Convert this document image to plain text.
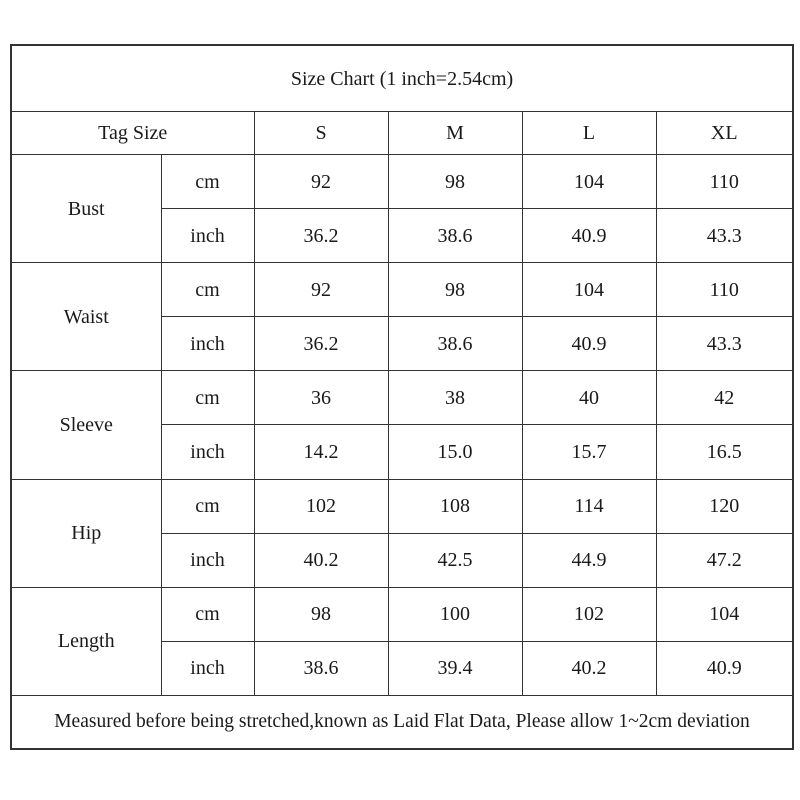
Size Chart (1 inch=2.54cm)					
Tag Size		S	M	L	XL
Bust	cm	92	98	104	110
	inch	36.2	38.6	40.9	43.3
Waist	cm	92	98	104	110
	inch	36.2	38.6	40.9	43.3
Sleeve	cm	36	38	40	42
	inch	14.2	15.0	15.7	16.5
Hip	cm	102	108	114	120
	inch	40.2	42.5	44.9	47.2
Length	cm	98	100	102	104
	inch	38.6	39.4	40.2	40.9
Measured before being stretched,known as Laid Flat Data, Please allow 1~2cm deviation					
